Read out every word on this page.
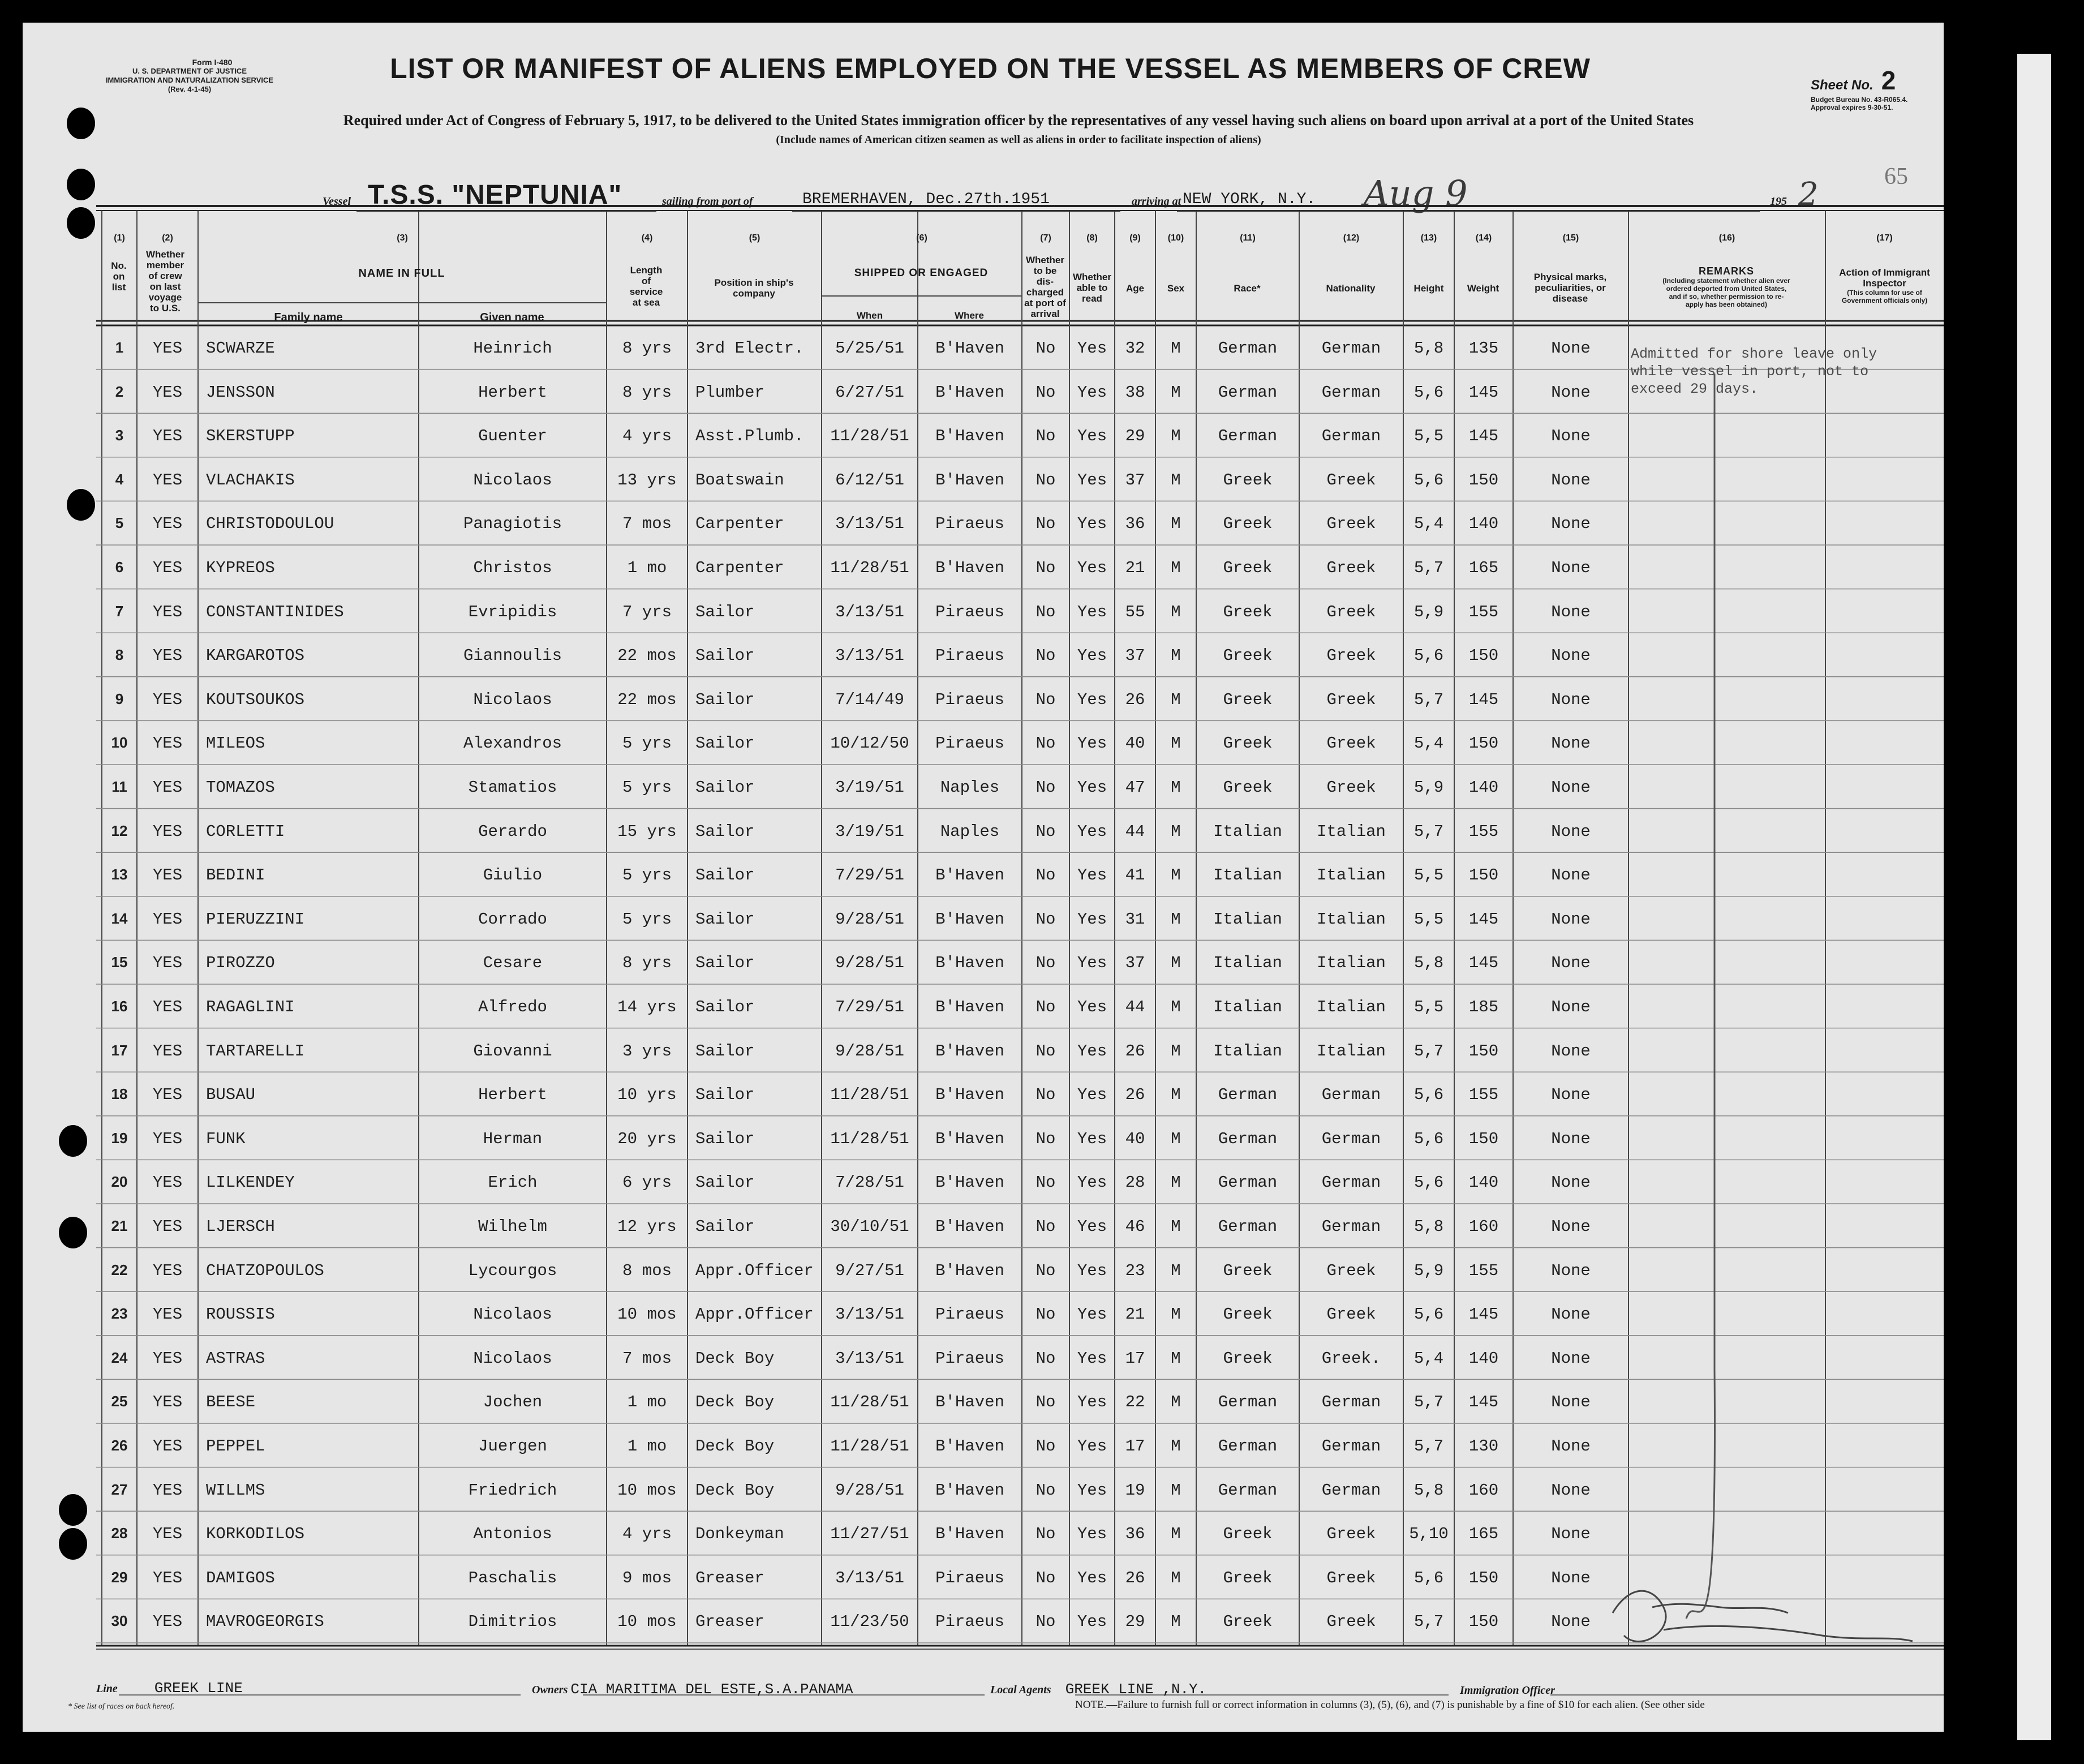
Form I-480
U. S. DEPARTMENT OF JUSTICE
IMMIGRATION AND NATURALIZATION SERVICE
(Rev. 4-1-45)
LIST OR MANIFEST OF ALIENS EMPLOYED ON THE VESSEL AS MEMBERS OF CREW
Required under Act of Congress of February 5, 1917, to be delivered to the United States immigration officer by the representatives of any vessel having such aliens on board upon arrival at a port of the United States
(Include names of American citizen seamen as well as aliens in order to facilitate inspection of aliens)
Sheet No. 2
Budget Bureau No. 43-R065.4.
Approval expires 9-30-51.
65
Vessel T.S.S. "NEPTUNIA"	sailing from port of	BREMERHAVEN, Dec.27th.1951	arriving at NEW YORK, N.Y. Aug 9	195 2
(1)	(2)	(3)	(4)	(5)	(6)	(7)	(8)	(9)	(10)	(11)	(12)	(13)	(14)	(15)	(16)	(17)
No.
on
list
Whether
member
of crew
on last
voyage
to U.S.
NAME IN FULL
Family name	Given name
Length
of
service
at sea
Position in ship's
company
SHIPPED OR ENGAGED
When	Where
Whether
to be
dis-
charged
at port of
arrival
Whether
able to
read
Age	Sex	Race*	Nationality	Height	Weight
Physical marks,
peculiarities, or
disease
REMARKS
(Including statement whether alien ever
ordered deported from United States,
and if so, whether permission to re-
apply has been obtained)
Action of Immigrant
Inspector
(This column for use of
Government officials only)
1	YES	SCWARZE	Heinrich	8 yrs	3rd Electr.	5/25/51	B'Haven	No	Yes	32	M	German	German	5,8	135	None
2	YES	JENSSON	Herbert	8 yrs	Plumber	6/27/51	B'Haven	No	Yes	38	M	German	German	5,6	145	None
3	YES	SKERSTUPP	Guenter	4 yrs	Asst.Plumb.	11/28/51	B'Haven	No	Yes	29	M	German	German	5,5	145	None
4	YES	VLACHAKIS	Nicolaos	13 yrs	Boatswain	6/12/51	B'Haven	No	Yes	37	M	Greek	Greek	5,6	150	None
5	YES	CHRISTODOULOU	Panagiotis	7 mos	Carpenter	3/13/51	Piraeus	No	Yes	36	M	Greek	Greek	5,4	140	None
6	YES	KYPREOS	Christos	1 mo	Carpenter	11/28/51	B'Haven	No	Yes	21	M	Greek	Greek	5,7	165	None
7	YES	CONSTANTINIDES	Evripidis	7 yrs	Sailor	3/13/51	Piraeus	No	Yes	55	M	Greek	Greek	5,9	155	None
8	YES	KARGAROTOS	Giannoulis	22 mos	Sailor	3/13/51	Piraeus	No	Yes	37	M	Greek	Greek	5,6	150	None
9	YES	KOUTSOUKOS	Nicolaos	22 mos	Sailor	7/14/49	Piraeus	No	Yes	26	M	Greek	Greek	5,7	145	None
10	YES	MILEOS	Alexandros	5 yrs	Sailor	10/12/50	Piraeus	No	Yes	40	M	Greek	Greek	5,4	150	None
11	YES	TOMAZOS	Stamatios	5 yrs	Sailor	3/19/51	Naples	No	Yes	47	M	Greek	Greek	5,9	140	None
12	YES	CORLETTI	Gerardo	15 yrs	Sailor	3/19/51	Naples	No	Yes	44	M	Italian	Italian	5,7	155	None
13	YES	BEDINI	Giulio	5 yrs	Sailor	7/29/51	B'Haven	No	Yes	41	M	Italian	Italian	5,5	150	None
14	YES	PIERUZZINI	Corrado	5 yrs	Sailor	9/28/51	B'Haven	No	Yes	31	M	Italian	Italian	5,5	145	None
15	YES	PIROZZO	Cesare	8 yrs	Sailor	9/28/51	B'Haven	No	Yes	37	M	Italian	Italian	5,8	145	None
16	YES	RAGAGLINI	Alfredo	14 yrs	Sailor	7/29/51	B'Haven	No	Yes	44	M	Italian	Italian	5,5	185	None
17	YES	TARTARELLI	Giovanni	3 yrs	Sailor	9/28/51	B'Haven	No	Yes	26	M	Italian	Italian	5,7	150	None
18	YES	BUSAU	Herbert	10 yrs	Sailor	11/28/51	B'Haven	No	Yes	26	M	German	German	5,6	155	None
19	YES	FUNK	Herman	20 yrs	Sailor	11/28/51	B'Haven	No	Yes	40	M	German	German	5,6	150	None
20	YES	LILKENDEY	Erich	6 yrs	Sailor	7/28/51	B'Haven	No	Yes	28	M	German	German	5,6	140	None
21	YES	LJERSCH	Wilhelm	12 yrs	Sailor	30/10/51	B'Haven	No	Yes	46	M	German	German	5,8	160	None
22	YES	CHATZOPOULOS	Lycourgos	8 mos	Appr.Officer	9/27/51	B'Haven	No	Yes	23	M	Greek	Greek	5,9	155	None
23	YES	ROUSSIS	Nicolaos	10 mos	Appr.Officer	3/13/51	Piraeus	No	Yes	21	M	Greek	Greek	5,6	145	None
24	YES	ASTRAS	Nicolaos	7 mos	Deck Boy	3/13/51	Piraeus	No	Yes	17	M	Greek	Greek.	5,4	140	None
25	YES	BEESE	Jochen	1 mo	Deck Boy	11/28/51	B'Haven	No	Yes	22	M	German	German	5,7	145	None
26	YES	PEPPEL	Juergen	1 mo	Deck Boy	11/28/51	B'Haven	No	Yes	17	M	German	German	5,7	130	None
27	YES	WILLMS	Friedrich	10 mos	Deck Boy	9/28/51	B'Haven	No	Yes	19	M	German	German	5,8	160	None
28	YES	KORKODILOS	Antonios	4 yrs	Donkeyman	11/27/51	B'Haven	No	Yes	36	M	Greek	Greek	5,10	165	None
29	YES	DAMIGOS	Paschalis	9 mos	Greaser	3/13/51	Piraeus	No	Yes	26	M	Greek	Greek	5,6	150	None
30	YES	MAVROGEORGIS	Dimitrios	10 mos	Greaser	11/23/50	Piraeus	No	Yes	29	M	Greek	Greek	5,7	150	None
Admitted for shore leave only
while vessel in port, not to
exceed 29 days.
Line	GREEK LINE	Owners CIA MARITIMA DEL ESTE,S.A.PANAMA	Local Agents GREEK LINE ,N.Y.	Immigration Officer
* See list of races on back hereof.	NOTE.—Failure to furnish full or correct information in columns (3), (5), (6), and (7) is punishable by a fine of $10 for each alien. (See other side
